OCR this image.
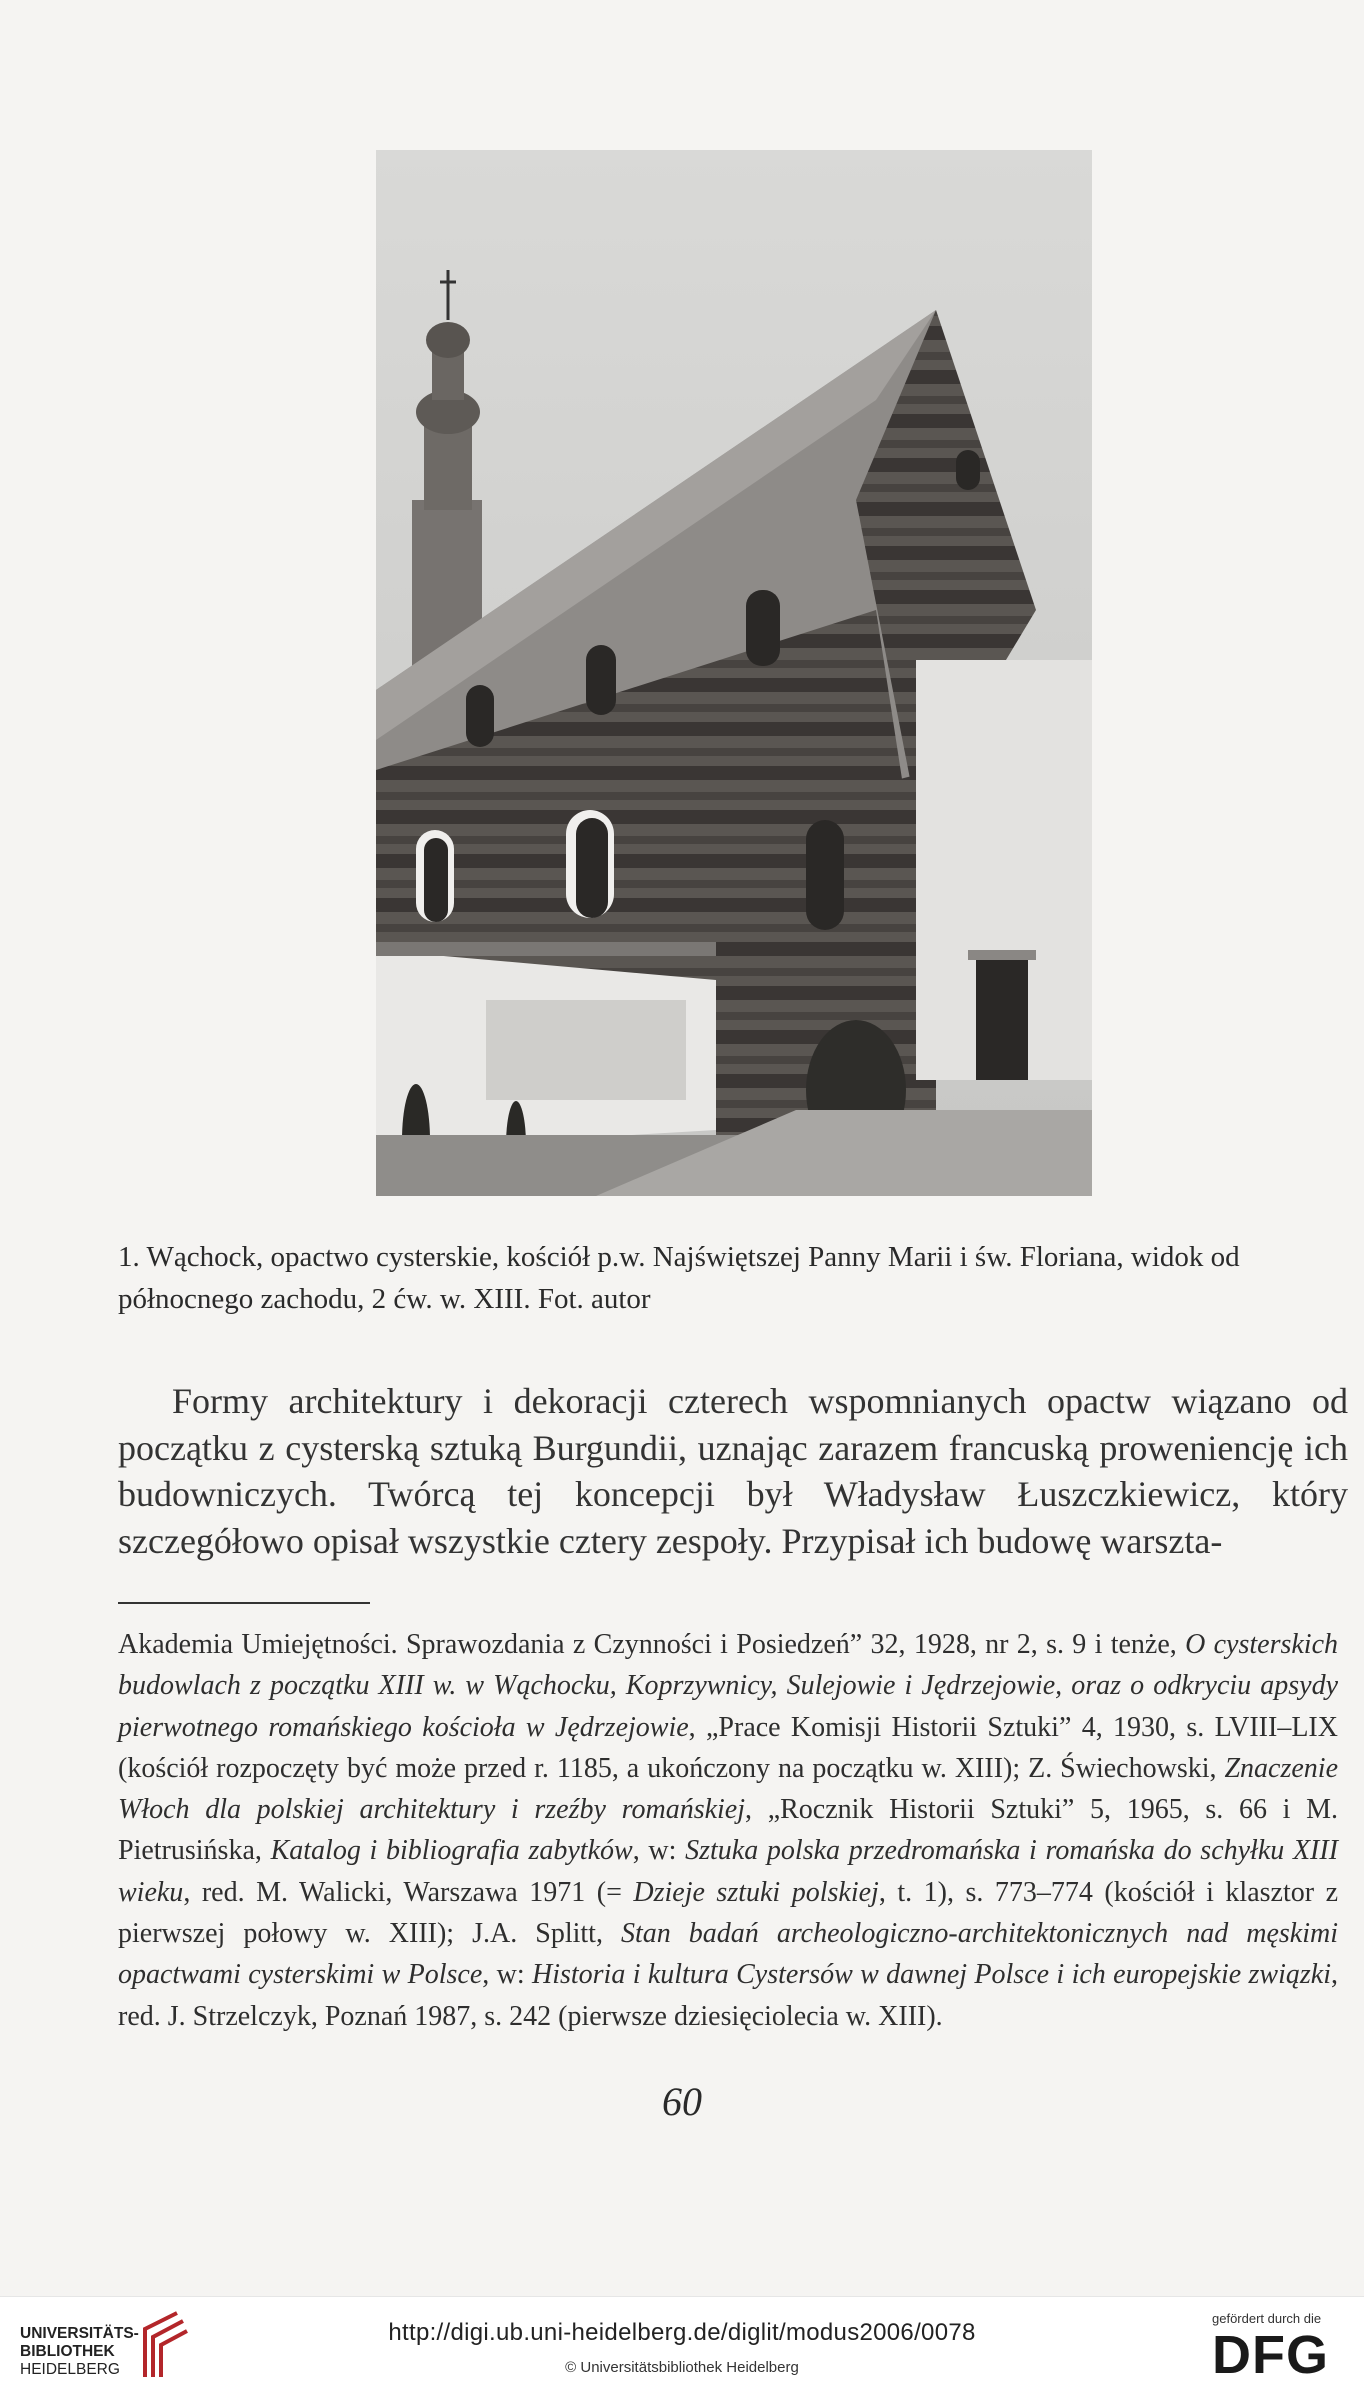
1. Wąchock, opactwo cysterskie, kościół p.w. Najświętszej Panny Marii i św. Floriana, widok od północnego zachodu, 2 ćw. w. XIII. Fot. autor
Formy architektury i dekoracji czterech wspomnianych opactw wiązano od początku z cysterską sztuką Burgundii, uznając zarazem francuską proweniencję ich budowniczych. Twórcą tej koncepcji był Władysław Łuszczkiewicz, który szczegółowo opisał wszystkie cztery zespoły. Przypisał ich budowę warszta-
Akademia Umiejętności. Sprawozdania z Czynności i Posiedzeń” 32, 1928, nr 2, s. 9 i tenże, O cysterskich budowlach z początku XIII w. w Wąchocku, Koprzywnicy, Sulejowie i Jędrzejowie, oraz o odkryciu apsydy pierwotnego romańskiego kościoła w Jędrzejowie, „Prace Komisji Historii Sztuki” 4, 1930, s. LVIII–LIX (kościół rozpoczęty być może przed r. 1185, a ukończony na początku w. XIII); Z. Świechowski, Znaczenie Włoch dla polskiej architektury i rzeźby romańskiej, „Rocznik Historii Sztuki” 5, 1965, s. 66 i M. Pietrusińska, Katalog i bibliografia zabytków, w: Sztuka polska przedromańska i romańska do schyłku XIII wieku, red. M. Walicki, Warszawa 1971 (= Dzieje sztuki polskiej, t. 1), s. 773–774 (kościół i klasztor z pierwszej połowy w. XIII); J.A. Splitt, Stan badań archeologiczno-architektonicznych nad męskimi opactwami cysterskimi w Polsce, w: Historia i kultura Cystersów w dawnej Polsce i ich europejskie związki, red. J. Strzelczyk, Poznań 1987, s. 242 (pierwsze dziesięciolecia w. XIII).
60
UNIVERSITÄTS-
BIBLIOTHEK
HEIDELBERG
http://digi.ub.uni-heidelberg.de/diglit/modus2006/0078
© Universitätsbibliothek Heidelberg
gefördert durch die
DFG
